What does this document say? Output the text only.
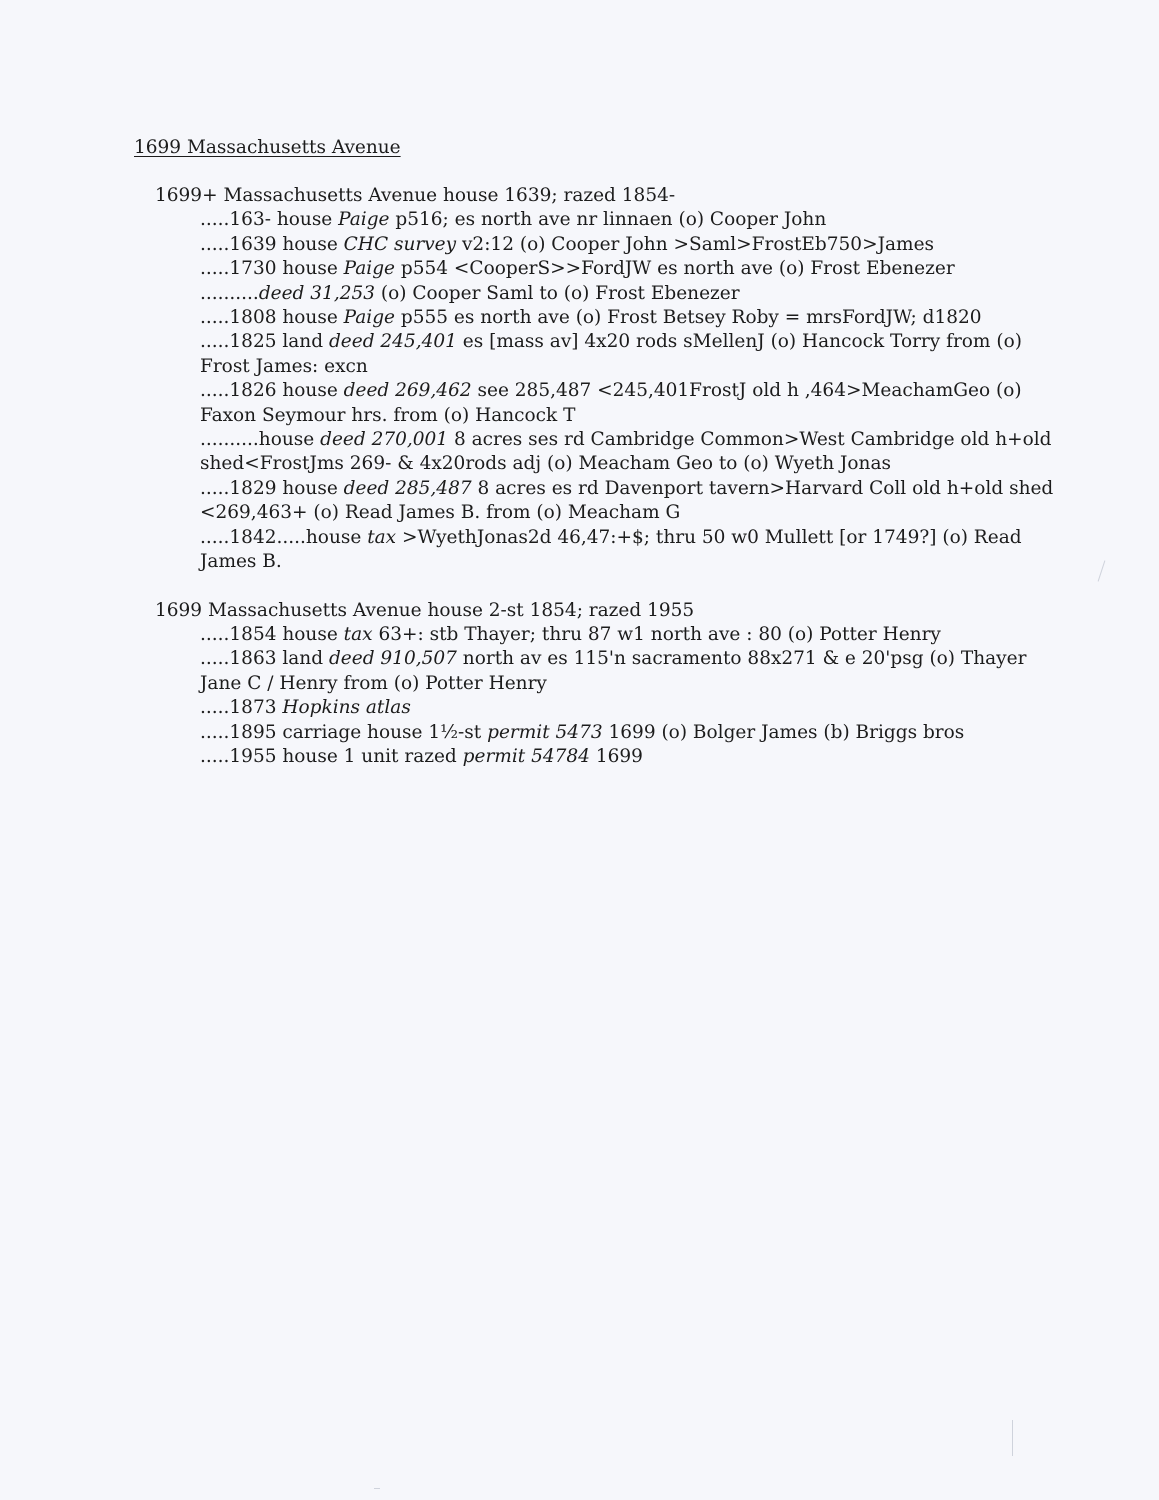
1699 Massachusetts Avenue
1699+ Massachusetts Avenue house 1639; razed 1854-
.....163- house Paige p516; es north ave nr linnaen (o) Cooper John
.....1639 house CHC survey v2:12 (o) Cooper John >Saml>FrostEb750>James
.....1730 house Paige p554 <CooperS>>FordJW es north ave (o) Frost Ebenezer
..........deed 31,253 (o) Cooper Saml to (o) Frost Ebenezer
.....1808 house Paige p555 es north ave (o) Frost Betsey Roby = mrsFordJW; d1820
.....1825 land deed 245,401 es [mass av] 4x20 rods sMellenJ (o) Hancock Torry from (o) Frost James: excn
.....1826 house deed 269,462 see 285,487 <245,401FrostJ old h ,464>MeachamGeo (o) Faxon Seymour hrs. from (o) Hancock T
..........house deed 270,001 8 acres ses rd Cambridge Common>West Cambridge old h+old shed<FrostJms 269- & 4x20rods adj (o) Meacham Geo to (o) Wyeth Jonas
.....1829 house deed 285,487 8 acres es rd Davenport tavern>Harvard Coll old h+old shed <269,463+ (o) Read James B. from (o) Meacham G
.....1842.....house tax >WyethJonas2d 46,47:+$; thru 50 w0 Mullett [or 1749?] (o) Read James B.
1699 Massachusetts Avenue house 2-st 1854; razed 1955
.....1854 house tax 63+: stb Thayer; thru 87 w1 north ave : 80 (o) Potter Henry
.....1863 land deed 910,507 north av es 115'n sacramento 88x271 & e 20'psg (o) Thayer Jane C / Henry from (o) Potter Henry
.....1873 Hopkins atlas
.....1895 carriage house 1½-st permit 5473 1699 (o) Bolger James (b) Briggs bros
.....1955 house 1 unit razed permit 54784 1699
